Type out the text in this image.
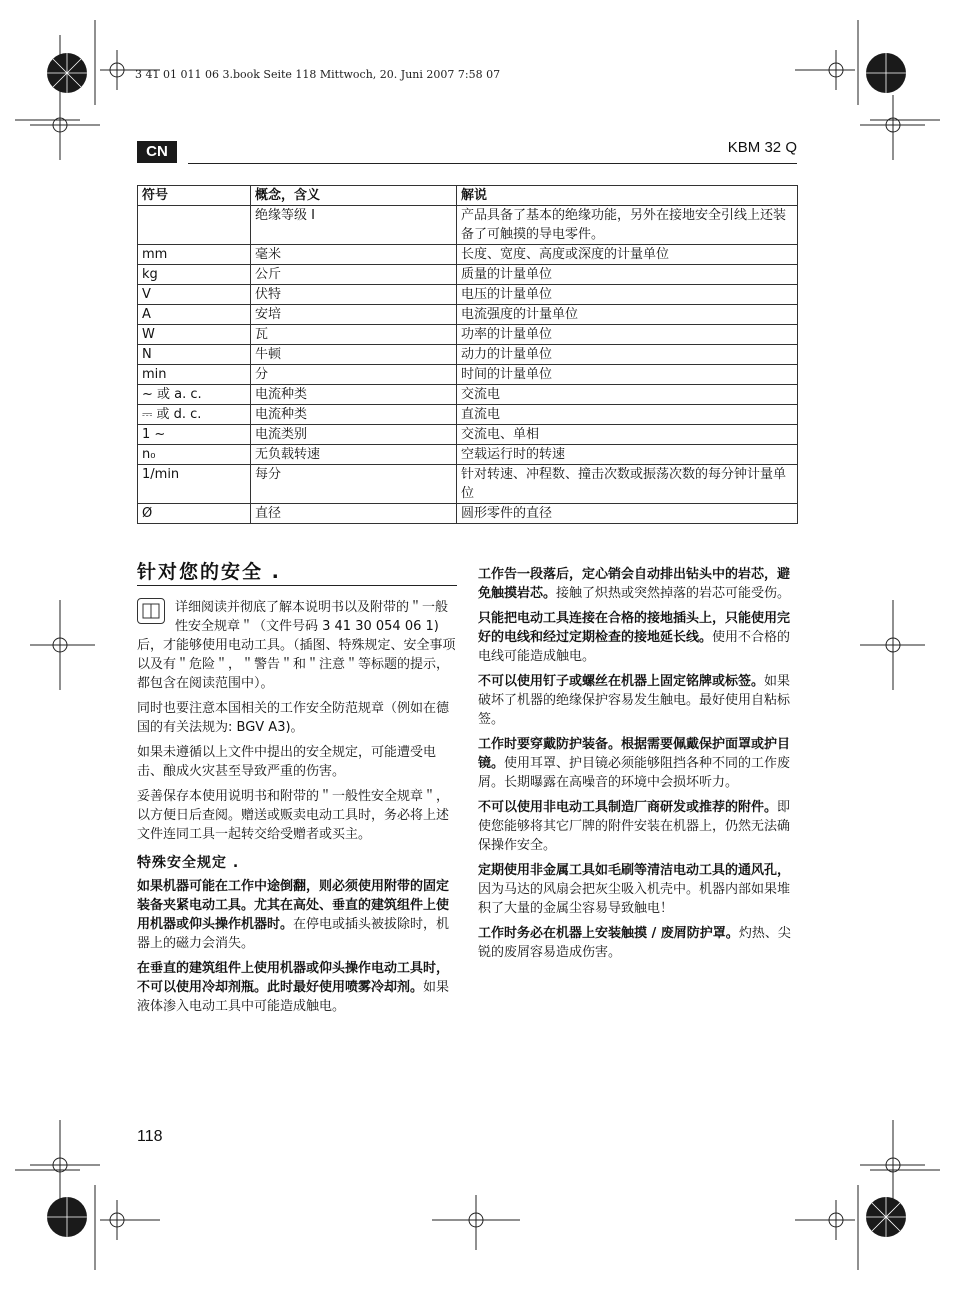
3 41 01 011 06 3.book Seite 118 Mittwoch, 20. Juni 2007 7:58 07
CN	KBM 32 Q
符号	概念，含义	解说
	绝缘等级 I	产品具备了基本的绝缘功能，另外在接地安全引线上还装备了可触摸的导电零件。
mm	毫米	长度、宽度、高度或深度的计量单位
kg	公斤	质量的计量单位
V	伏特	电压的计量单位
A	安培	电流强度的计量单位
W	瓦	功率的计量单位
N	牛顿	动力的计量单位
min	分	时间的计量单位
~ 或 a. c.	电流种类	交流电
⎓ 或 d. c.	电流种类	直流电
1 ~	电流类别	交流电、单相
n₀	无负载转速	空载运行时的转速
1/min	每分	针对转速、冲程数、撞击次数或振荡次数的每分钟计量单位
Ø	直径	圆形零件的直径
针对您的安全 .

详细阅读并彻底了解本说明书以及附带的＂一般性安全规章＂（文件号码 3 41 30 054 06 1) 后，才能够使用电动工具。（插图、特殊规定、安全事项以及有＂危险＂，＂警告＂和＂注意＂等标题的提示，都包含在阅读范围中）。

同时也要注意本国相关的工作安全防范规章（例如在德国的有关法规为: BGV A3)。

如果未遵循以上文件中提出的安全规定，可能遭受电击、酿成火灾甚至导致严重的伤害。

妥善保存本使用说明书和附带的＂一般性安全规章＂，以方便日后查阅。赠送或贩卖电动工具时，务必将上述文件连同工具一起转交给受赠者或买主。

特殊安全规定 .

如果机器可能在工作中途倒翻，则必须使用附带的固定装备夹紧电动工具。尤其在高处、垂直的建筑组件上使用机器或仰头操作机器时。在停电或插头被拔除时，机器上的磁力会消失。

在垂直的建筑组件上使用机器或仰头操作电动工具时，不可以使用冷却剂瓶。此时最好使用喷雾冷却剂。如果液体渗入电动工具中可能造成触电。

工作告一段落后，定心销会自动排出钻头中的岩芯，避免触摸岩芯。接触了炽热或突然掉落的岩芯可能受伤。

只能把电动工具连接在合格的接地插头上，只能使用完好的电线和经过定期检查的接地延长线。使用不合格的电线可能造成触电。

不可以使用钉子或螺丝在机器上固定铭牌或标签。如果破坏了机器的绝缘保护容易发生触电。最好使用自粘标签。

工作时要穿戴防护装备。根据需要佩戴保护面罩或护目镜。使用耳罩、护目镜必须能够阻挡各种不同的工作废屑。长期曝露在高噪音的环境中会损坏听力。

不可以使用非电动工具制造厂商研发或推荐的附件。即使您能够将其它厂牌的附件安装在机器上，仍然无法确保操作安全。

定期使用非金属工具如毛刷等清洁电动工具的通风孔，因为马达的风扇会把灰尘吸入机壳中。机器内部如果堆积了大量的金属尘容易导致触电！

工作时务必在机器上安装触摸 / 废屑防护罩。灼热、尖锐的废屑容易造成伤害。

118
